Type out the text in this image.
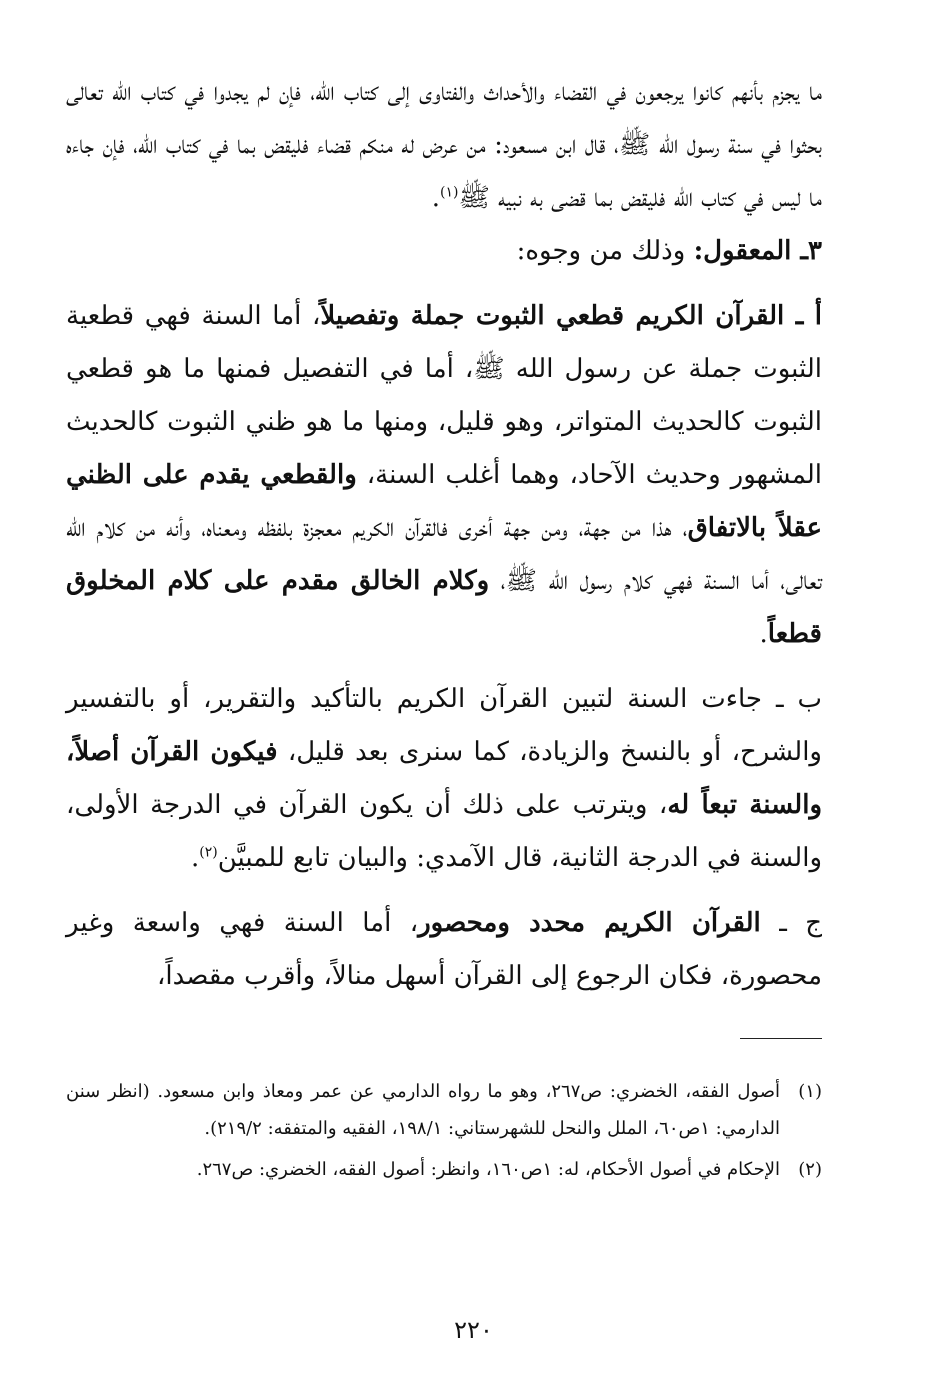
ما يجزم بأنهم كانوا يرجعون في القضاء والأحداث والفتاوى إلى كتاب الله، فإن لم يجدوا في كتاب الله تعالى بحثوا في سنة رسول الله ﷺ، قال ابن مسعود: من عرض له منكم قضاء فليقض بما في كتاب الله، فإن جاءه ما ليس في كتاب الله فليقض بما قضى به نبيه ﷺ$^{(١)}$.

٣ـ المعقول: وذلك من وجوه:

أ ـ القرآن الكريم قطعي الثبوت جملة وتفصيلاً، أما السنة فهي قطعية الثبوت جملة عن رسول الله ﷺ، أما في التفصيل فمنها ما هو قطعي الثبوت كالحديث المتواتر، وهو قليل، ومنها ما هو ظني الثبوت كالحديث المشهور وحديث الآحاد، وهما أغلب السنة، والقطعي يقدم على الظني عقلاً بالاتفاق، هذا من جهة، ومن جهة أخرى فالقرآن الكريم معجزة بلفظه ومعناه، وأنه من كلام الله تعالى، أما السنة فهي كلام رسول الله ﷺ، وكلام الخالق مقدم على كلام المخلوق قطعاً.

ب ـ جاءت السنة لتبين القرآن الكريم بالتأكيد والتقرير، أو بالتفسير والشرح، أو بالنسخ والزيادة، كما سنرى بعد قليل، فيكون القرآن أصلاً، والسنة تبعاً له، ويترتب على ذلك أن يكون القرآن في الدرجة الأولى، والسنة في الدرجة الثانية، قال الآمدي: والبيان تابع للمبيَّن$^{(٢)}$.

ج ـ القرآن الكريم محدد ومحصور، أما السنة فهي واسعة وغير محصورة، فكان الرجوع إلى القرآن أسهل منالاً، وأقرب مقصداً،

(١)
أصول الفقه، الخضري: ص٢٦٧، وهو ما رواه الدارمي عن عمر ومعاذ وابن مسعود. (انظر سنن الدارمي: ١ص٦٠، الملل والنحل للشهرستاني: ١٩٨/١، الفقيه والمتفقه: ٢١٩/٢).
(٢)
الإحكام في أصول الأحكام، له: ١ص١٦٠، وانظر: أصول الفقه، الخضري: ص٢٦٧.
٢٢٠
